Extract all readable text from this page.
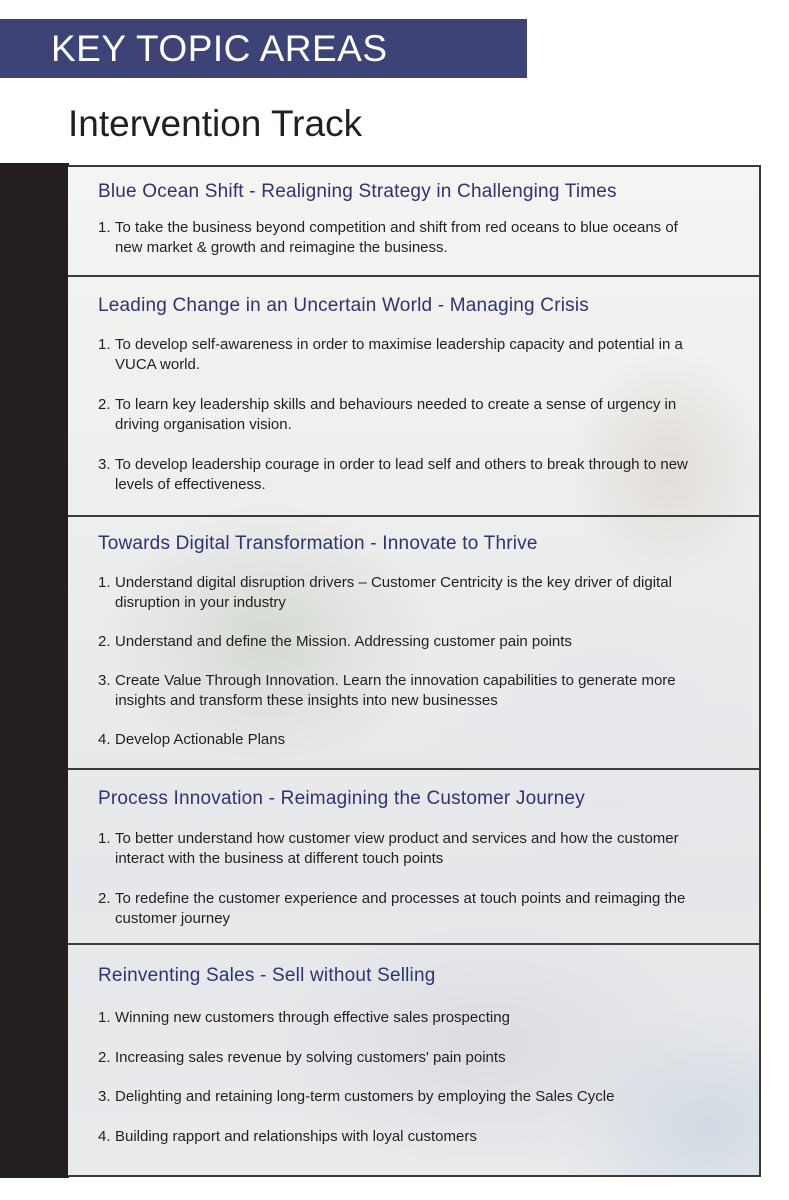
KEY TOPIC AREAS
Intervention Track
Blue Ocean Shift - Realigning Strategy in Challenging Times
1. To take the business beyond competition and shift from red oceans to blue oceans of new market & growth and reimagine the business.
Leading Change in an Uncertain World - Managing Crisis
1. To develop self-awareness in order to maximise leadership capacity and potential in a VUCA world.
2. To learn key leadership skills and behaviours needed to create a sense of urgency in driving organisation vision.
3. To develop leadership courage in order to lead self and others to break through to new levels of effectiveness.
Towards Digital Transformation - Innovate to Thrive
1. Understand digital disruption drivers – Customer Centricity is the key driver of digital disruption in your industry
2. Understand and define the Mission. Addressing customer pain points
3. Create Value Through Innovation. Learn the innovation capabilities to generate more insights and transform these insights into new businesses
4. Develop Actionable Plans
Process Innovation - Reimagining the Customer Journey
1. To better understand how customer view product and services and how the customer interact with the business at different touch points
2. To redefine the customer experience and processes at touch points and reimaging the customer journey
Reinventing Sales - Sell without Selling
1. Winning new customers through effective sales prospecting
2. Increasing sales revenue by solving customers' pain points
3. Delighting and retaining long-term customers by employing the Sales Cycle
4. Building rapport and relationships with loyal customers
